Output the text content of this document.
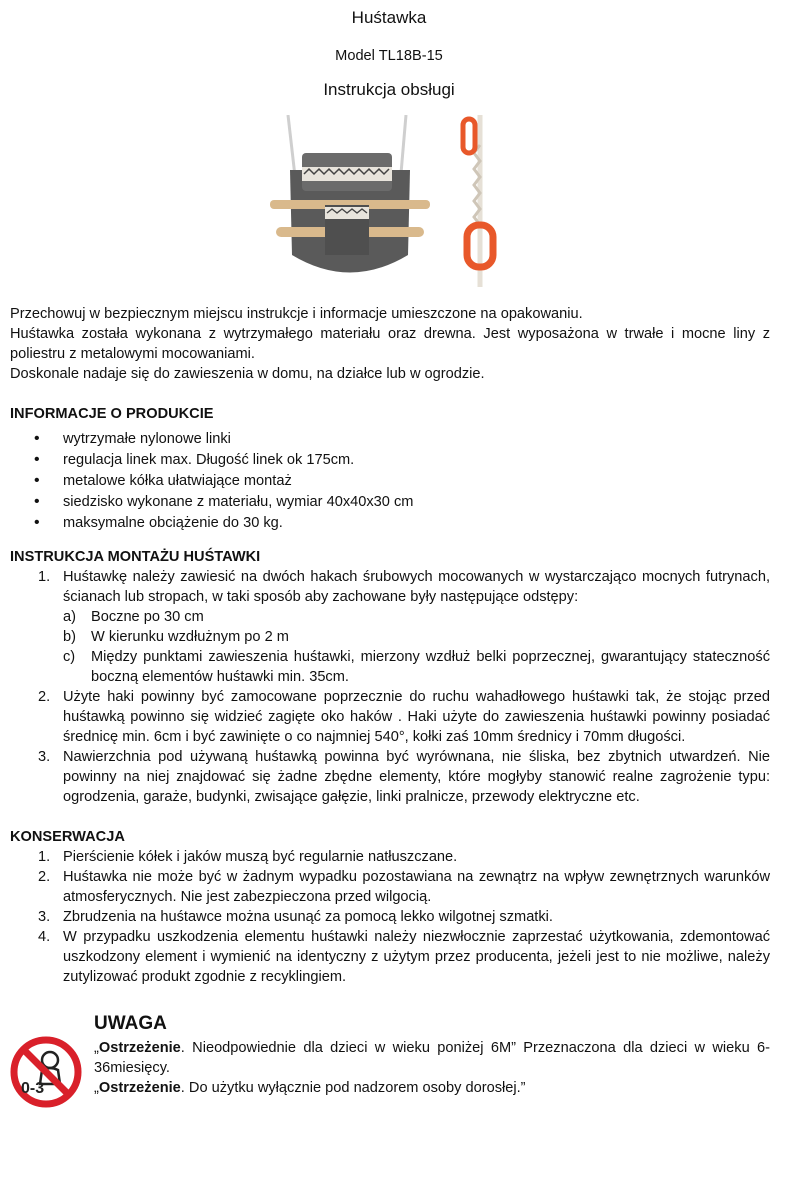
Huśtawka
Model TL18B-15
Instrukcja obsługi

Przechowuj w bezpiecznym miejscu instrukcje i informacje umieszczone na opakowaniu.

Huśtawka została wykonana z wytrzymałego materiału oraz drewna. Jest wyposażona w trwałe i mocne liny z poliestru z metalowymi mocowaniami.

Doskonale nadaje się do zawieszenia w domu, na działce lub w ogrodzie.

INFORMACJE O PRODUKCIE

• wytrzymałe nylonowe linki
• regulacja linek max. Długość linek ok 175cm.
• metalowe kółka ułatwiające montaż
• siedzisko wykonane z materiału, wymiar 40x40x30 cm
• maksymalne obciążenie do 30 kg.

INSTRUKCJA MONTAŻU HUŚTAWKI

1. Huśtawkę należy zawiesić na dwóch hakach śrubowych mocowanych w wystarczająco mocnych futrynach, ścianach lub stropach, w taki sposób aby zachowane były następujące odstępy:
a) Boczne po 30 cm
b) W kierunku wzdłużnym po 2 m
c) Między punktami zawieszenia huśtawki, mierzony wzdłuż belki poprzecznej, gwarantujący stateczność boczną elementów huśtawki min. 35cm.
2. Użyte haki powinny być zamocowane poprzecznie do ruchu wahadłowego huśtawki tak, że stojąc przed huśtawką powinno się widzieć zagięte oko haków . Haki użyte do zawieszenia huśtawki powinny posiadać średnicę min. 6cm i być zawinięte o co najmniej 540°, kołki zaś 10mm średnicy i 70mm długości.
3. Nawierzchnia pod używaną huśtawką powinna być wyrównana, nie śliska, bez zbytnich utwardzeń. Nie powinny na niej znajdować się żadne zbędne elementy, które mogłyby stanowić realne zagrożenie typu: ogrodzenia, garaże, budynki, zwisające gałęzie, linki pralnicze, przewody elektryczne etc.

KONSERWACJA

1. Pierścienie kółek i jaków muszą być regularnie natłuszczane.
2. Huśtawka nie może być w żadnym wypadku pozostawiana na zewnątrz na wpływ zewnętrznych warunków atmosferycznych. Nie jest zabezpieczona przed wilgocią.
3. Zbrudzenia na huśtawce można usunąć za pomocą lekko wilgotnej szmatki.
4. W przypadku uszkodzenia elementu huśtawki należy niezwłocznie zaprzestać użytkowania, zdemontować uszkodzony element i wymienić na identyczny z użytym przez producenta, jeżeli jest to nie możliwe, należy zutylizować produkt zgodnie z recyklingiem.
0-3
UWAGA

„Ostrzeżenie. Nieodpowiednie dla dzieci w wieku poniżej 6M” Przeznaczona dla dzieci w wieku 6-36miesięcy.

„Ostrzeżenie. Do użytku wyłącznie pod nadzorem osoby dorosłej.”
